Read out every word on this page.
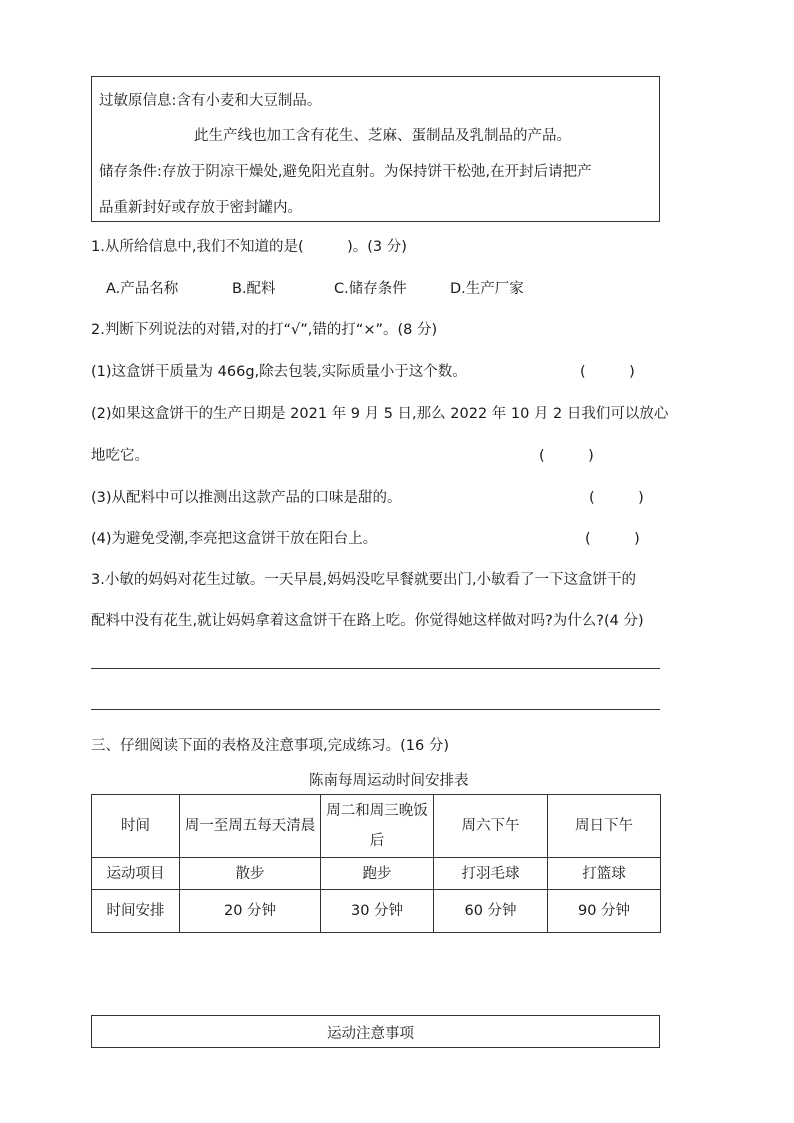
过敏原信息:含有小麦和大豆制品。
此生产线也加工含有花生、芝麻、蛋制品及乳制品的产品。
储存条件:存放于阴凉干燥处,避免阳光直射。为保持饼干松弛,在开封后请把产
品重新封好或存放于密封罐内。
1.从所给信息中,我们不知道的是(　　　)。(3 分)
A.产品名称	B.配料	C.储存条件	D.生产厂家
2.判断下列说法的对错,对的打“√”,错的打“×”。(8 分)
(1)这盒饼干质量为 466g,除去包装,实际质量小于这个数。	(　　　)
(2)如果这盒饼干的生产日期是 2021 年 9 月 5 日,那么 2022 年 10 月 2 日我们可以放心
地吃它。	(　　　)
(3)从配料中可以推测出这款产品的口味是甜的。	(　　　)
(4)为避免受潮,李亮把这盒饼干放在阳台上。	(　　　)
3.小敏的妈妈对花生过敏。一天早晨,妈妈没吃早餐就要出门,小敏看了一下这盒饼干的
配料中没有花生,就让妈妈拿着这盒饼干在路上吃。你觉得她这样做对吗?为什么?(4 分)
三、仔细阅读下面的表格及注意事项,完成练习。(16 分)
陈南每周运动时间安排表
时间	周一至周五每天清晨	周二和周三晚饭后	周六下午	周日下午
运动项目	散步	跑步	打羽毛球	打篮球
时间安排	20 分钟	30 分钟	60 分钟	90 分钟
运动注意事项
